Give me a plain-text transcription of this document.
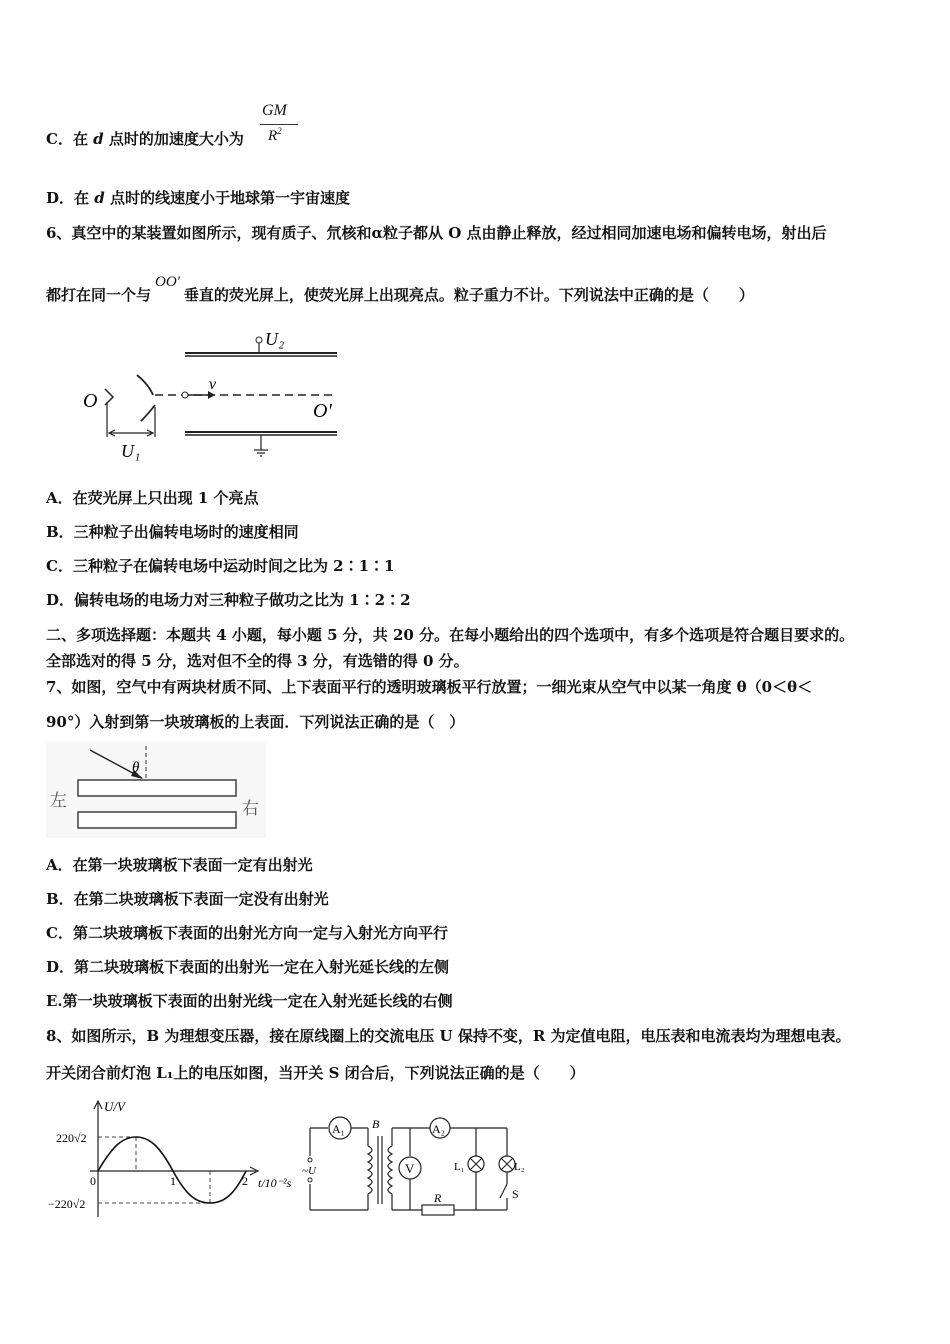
C．在 d 点时的加速度大小为
GM
$R^2$
D．在 d 点时的线速度小于地球第一宇宙速度
6、真空中的某装置如图所示，现有质子、氘核和α粒子都从 O 点由静止释放，经过相同加速电场和偏转电场，射出后
都打在同一个与OO'垂直的荧光屏上，使荧光屏上出现亮点。粒子重力不计。下列说法中正确的是（　　）
U₂
O
U₁
v
O'
A．在荧光屏上只出现 1 个亮点
B．三种粒子出偏转电场时的速度相同
C．三种粒子在偏转电场中运动时间之比为 2∶1∶1
D．偏转电场的电场力对三种粒子做功之比为 1∶2∶2
二、多项选择题：本题共 4 小题，每小题 5 分，共 20 分。在每小题给出的四个选项中，有多个选项是符合题目要求的。
全部选对的得 5 分，选对但不全的得 3 分，有选错的得 0 分。
7、如图，空气中有两块材质不同、上下表面平行的透明玻璃板平行放置；一细光束从空气中以某一角度 θ（0＜θ＜
90°）入射到第一块玻璃板的上表面．下列说法正确的是（　）
θ
左	右
A．在第一块玻璃板下表面一定有出射光
B．在第二块玻璃板下表面一定没有出射光
C．第二块玻璃板下表面的出射光方向一定与入射光方向平行
D．第二块玻璃板下表面的出射光一定在入射光延长线的左侧
E.第一块玻璃板下表面的出射光线一定在入射光延长线的右侧
8、如图所示，B 为理想变压器，接在原线圈上的交流电压 U 保持不变，R 为定值电阻，电压表和电流表均为理想电表。
开关闭合前灯泡 L₁上的电压如图，当开关 S 闭合后，下列说法正确的是（　　）
U/V
t/10⁻²s
0	1	2
220√2
−220√2
A₁
~U
B	A₂
V
R
L₁	L₂
S
